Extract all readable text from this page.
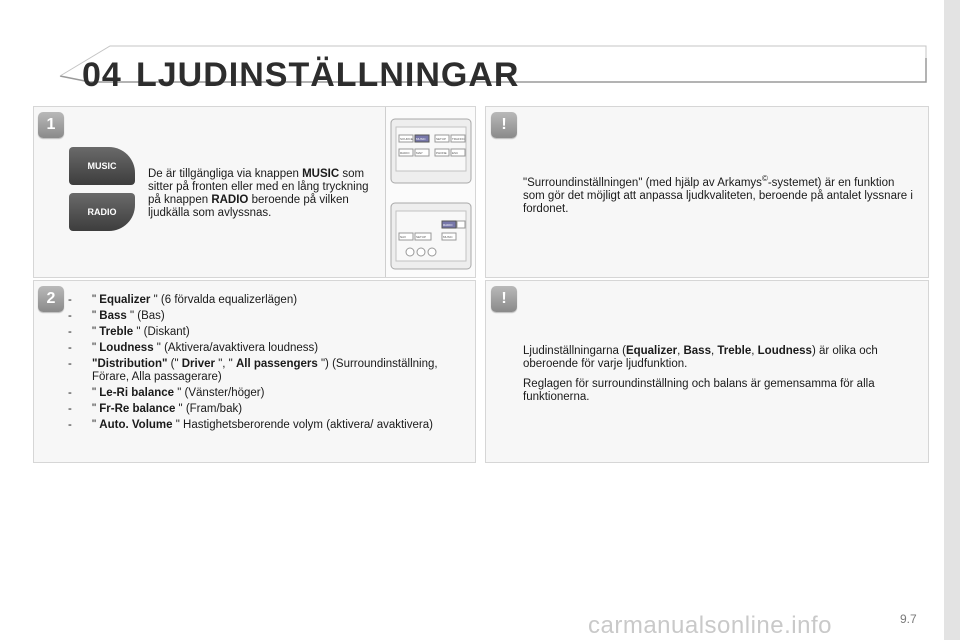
04 LJUDINSTÄLLNINGAR
1
MUSIC
RADIO
De är tillgängliga via knappen MUSIC som sitter på fronten eller med en lång tryckning på knappen RADIO beroende på vilken ljudkälla som avlyssnas.
SOURCE MUSIC	SETUP TRAFFIC
RADIO MAP	PHONE ESC
RADIO
MUSIC
NAV	SETUP
2	- " Equalizer " (6 förvalda equalizerlägen)
- " Bass " (Bas)
- " Treble " (Diskant)
- " Loudness " (Aktivera/avaktivera loudness)
- "Distribution" (" Driver ", " All passengers ") (Surroundinställning, Förare, Alla passagerare)
- " Le-Ri balance " (Vänster/höger)
- " Fr-Re balance " (Fram/bak)
- " Auto. Volume " Hastighetsberorende volym (aktivera/ avaktivera)
!
"Surroundinställningen" (med hjälp av Arkamys©-systemet) är en funktion som gör det möjligt att anpassa ljudkvaliteten, beroende på antalet lyssnare i fordonet.
!

Ljudinställningarna (Equalizer, Bass, Treble, Loudness) är olika och oberoende för varje ljudfunktion.

Reglagen för surroundinställning och balans är gemensamma för alla funktionerna.

carmanualsonline.info	9.7
